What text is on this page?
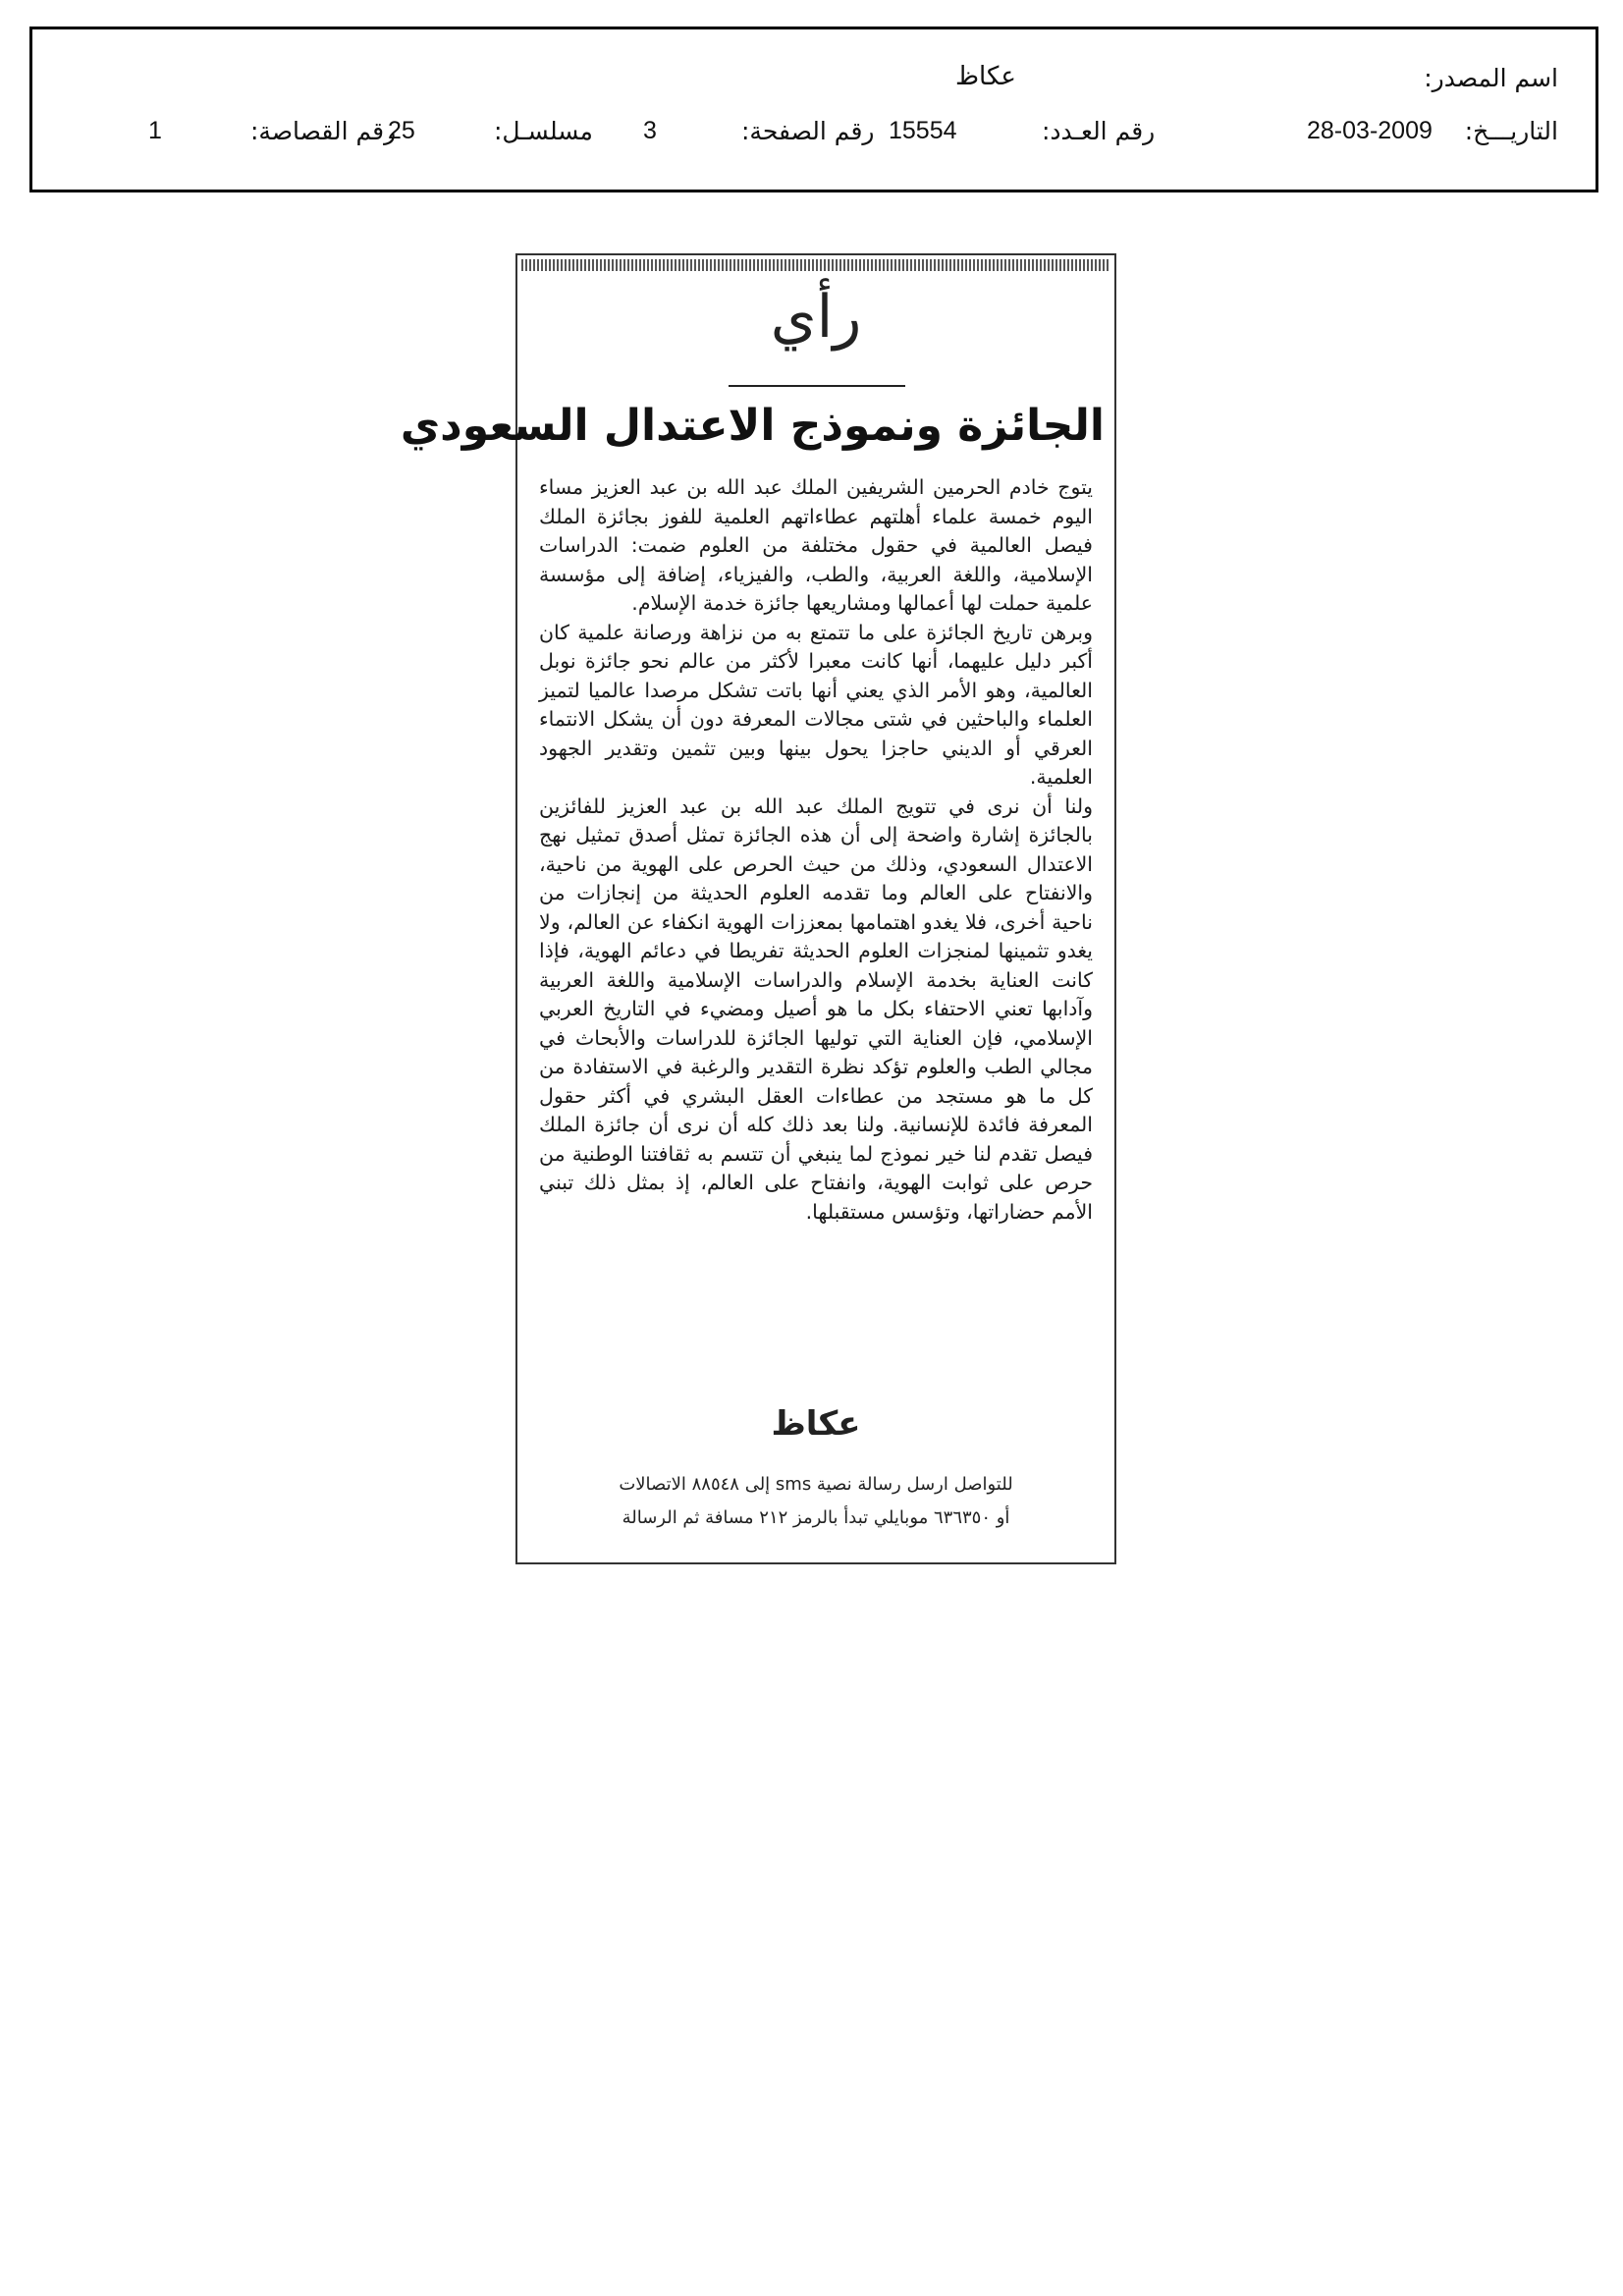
اسم المصدر:
عكاظ
التاريـــخ:
28-03-2009
رقم العـدد:
15554
رقم الصفحة:
3
مسلسـل:
25
رقم القصاصة:
1
رأي
الجائزة ونموذج الاعتدال السعودي

يتوج خادم الحرمين الشريفين الملك عبد الله بن عبد العزيز مساء اليوم خمسة علماء أهلتهم عطاءاتهم العلمية للفوز بجائزة الملك فيصل العالمية في حقول مختلفة من العلوم ضمت: الدراسات الإسلامية، واللغة العربية، والطب، والفيزياء، إضافة إلى مؤسسة علمية حملت لها أعمالها ومشاريعها جائزة خدمة الإسلام.

وبرهن تاريخ الجائزة على ما تتمتع به من نزاهة ورصانة علمية كان أكبر دليل عليهما، أنها كانت معبرا لأكثر من عالم نحو جائزة نوبل العالمية، وهو الأمر الذي يعني أنها باتت تشكل مرصدا عالميا لتميز العلماء والباحثين في شتى مجالات المعرفة دون أن يشكل الانتماء العرقي أو الديني حاجزا يحول بينها وبين تثمين وتقدير الجهود العلمية.

ولنا أن نرى في تتويج الملك عبد الله بن عبد العزيز للفائزين بالجائزة إشارة واضحة إلى أن هذه الجائزة تمثل أصدق تمثيل نهج الاعتدال السعودي، وذلك من حيث الحرص على الهوية من ناحية، والانفتاح على العالم وما تقدمه العلوم الحديثة من إنجازات من ناحية أخرى، فلا يغدو اهتمامها بمعززات الهوية انكفاء عن العالم، ولا يغدو تثمينها لمنجزات العلوم الحديثة تفريطا في دعائم الهوية، فإذا كانت العناية بخدمة الإسلام والدراسات الإسلامية واللغة العربية وآدابها تعني الاحتفاء بكل ما هو أصيل ومضيء في التاريخ العربي الإسلامي، فإن العناية التي توليها الجائزة للدراسات والأبحاث في مجالي الطب والعلوم تؤكد نظرة التقدير والرغبة في الاستفادة من كل ما هو مستجد من عطاءات العقل البشري في أكثر حقول المعرفة فائدة للإنسانية. ولنا بعد ذلك كله أن نرى أن جائزة الملك فيصل تقدم لنا خير نموذج لما ينبغي أن تتسم به ثقافتنا الوطنية من حرص على ثوابت الهوية، وانفتاح على العالم، إذ بمثل ذلك تبني الأمم حضاراتها، وتؤسس مستقبلها.

عكاظ
للتواصل ارسل رسالة نصية sms إلى ٨٨٥٤٨ الاتصالات
أو ٦٣٦٣٥٠ موبايلي تبدأ بالرمز ٢١٢ مسافة ثم الرسالة
